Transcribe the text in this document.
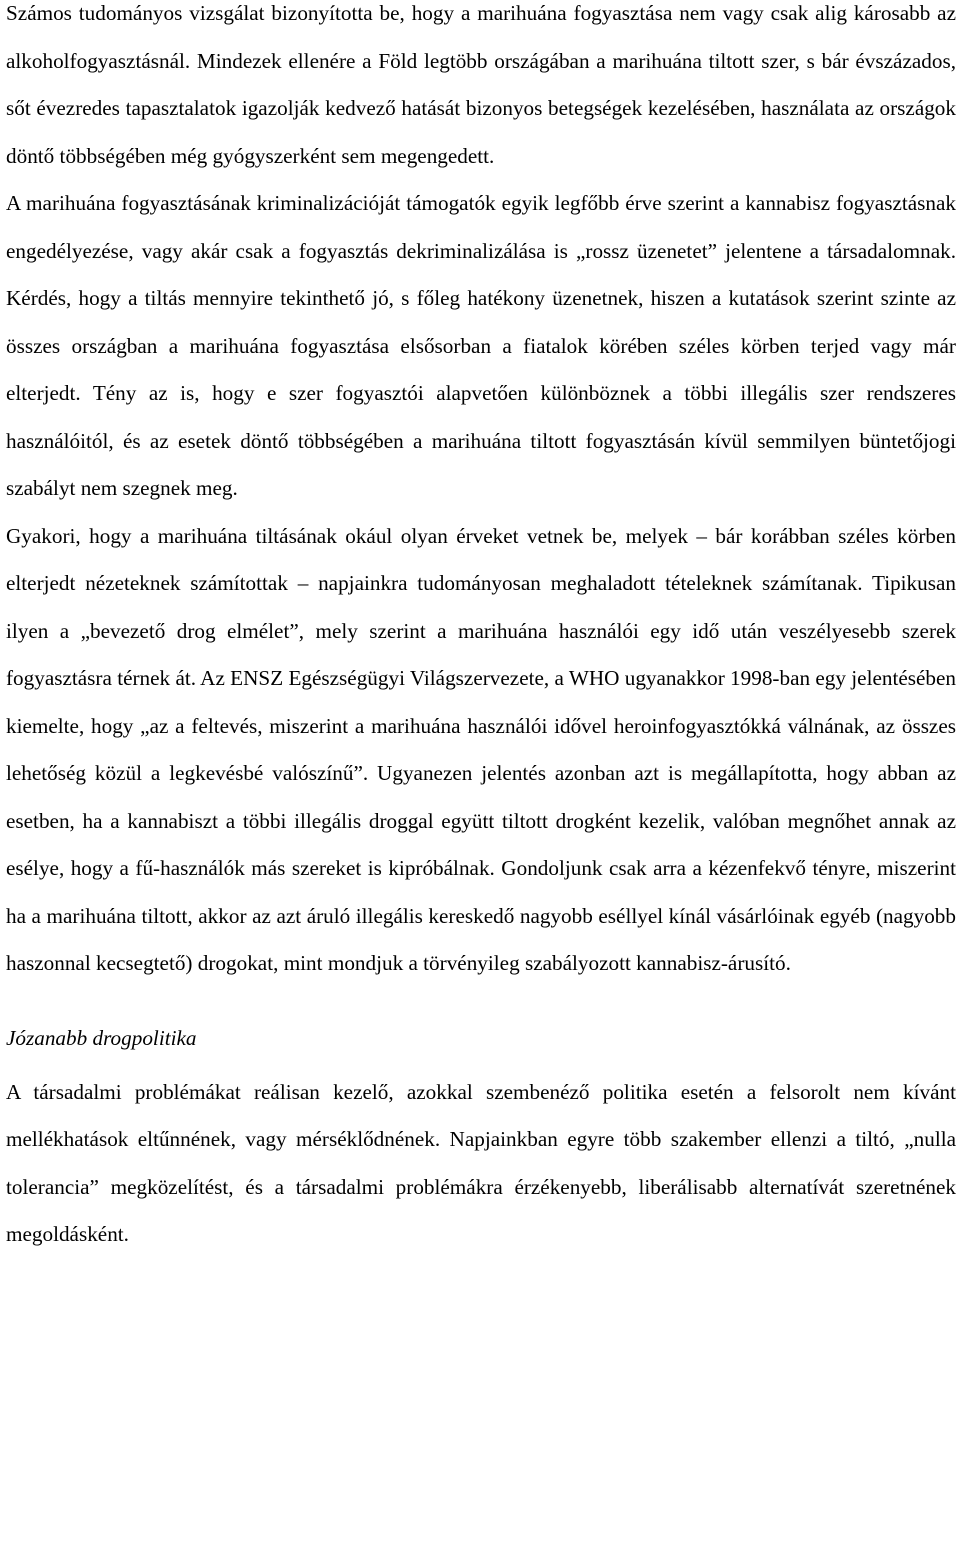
Számos tudományos vizsgálat bizonyította be, hogy a marihuána fogyasztása nem vagy csak alig károsabb az alkoholfogyasztásnál. Mindezek ellenére a Föld legtöbb országában a marihuána tiltott szer, s bár évszázados, sőt évezredes tapasztalatok igazolják kedvező hatását bizonyos betegségek kezelésében, használata az országok döntő többségében még gyógyszerként sem megengedett.

A marihuána fogyasztásának kriminalizációját támogatók egyik legfőbb érve szerint a kannabisz fogyasztásnak engedélyezése, vagy akár csak a fogyasztás dekriminalizálása is „rossz üzenetet” jelentene a társadalomnak. Kérdés, hogy a tiltás mennyire tekinthető jó, s főleg hatékony üzenetnek, hiszen a kutatások szerint szinte az összes országban a marihuána fogyasztása elsősorban a fiatalok körében széles körben terjed vagy már elterjedt. Tény az is, hogy e szer fogyasztói alapvetően különböznek a többi illegális szer rendszeres használóitól, és az esetek döntő többségében a marihuána tiltott fogyasztásán kívül semmilyen büntetőjogi szabályt nem szegnek meg.

Gyakori, hogy a marihuána tiltásának okául olyan érveket vetnek be, melyek – bár korábban széles körben elterjedt nézeteknek számítottak – napjainkra tudományosan meghaladott tételeknek számítanak. Tipikusan ilyen a „bevezető drog elmélet”, mely szerint a marihuána használói egy idő után veszélyesebb szerek fogyasztásra térnek át. Az ENSZ Egészségügyi Világszervezete, a WHO ugyanakkor 1998-ban egy jelentésében kiemelte, hogy „az a feltevés, miszerint a marihuána használói idővel heroinfogyasztókká válnának, az összes lehetőség közül a legkevésbé valószínű”. Ugyanezen jelentés azonban azt is megállapította, hogy abban az esetben, ha a kannabiszt a többi illegális droggal együtt tiltott drogként kezelik, valóban megnőhet annak az esélye, hogy a fű-használók más szereket is kipróbálnak. Gondoljunk csak arra a kézenfekvő tényre, miszerint ha a marihuána tiltott, akkor az azt áruló illegális kereskedő nagyobb eséllyel kínál vásárlóinak egyéb (nagyobb haszonnal kecsegtető) drogokat, mint mondjuk a törvényileg szabályozott kannabisz-árusító.

Józanabb drogpolitika

A társadalmi problémákat reálisan kezelő, azokkal szembenéző politika esetén a felsorolt nem kívánt mellékhatások eltűnnének, vagy mérséklődnének. Napjainkban egyre több szakember ellenzi a tiltó, „nulla tolerancia” megközelítést, és a társadalmi problémákra érzékenyebb, liberálisabb alternatívát szeretnének megoldásként.
